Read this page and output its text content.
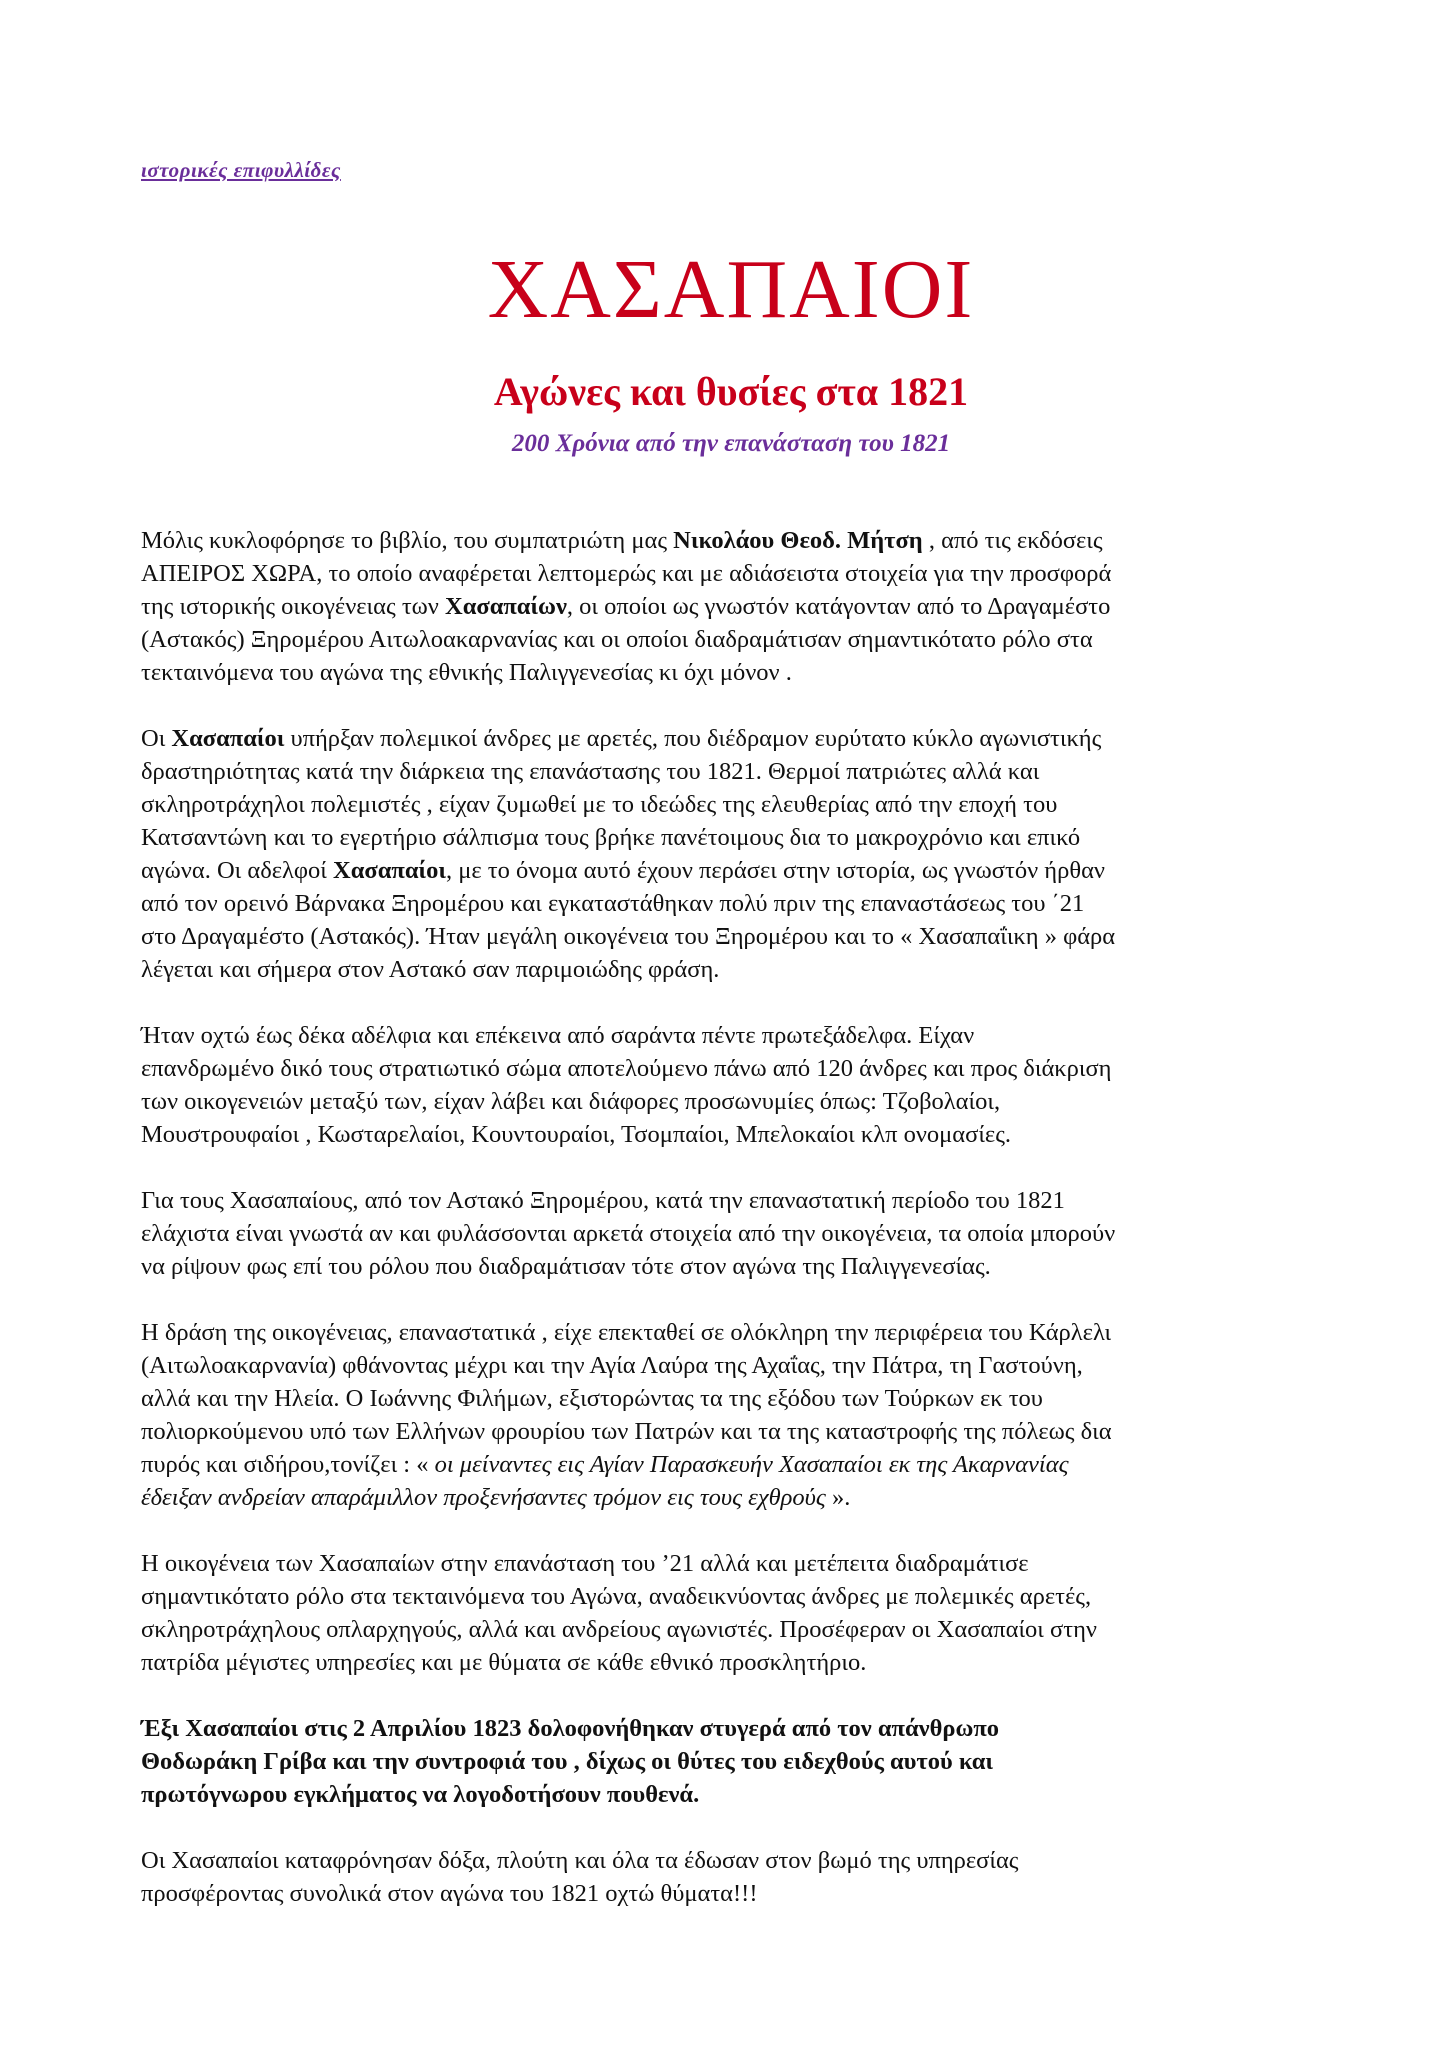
ιστορικές επιφυλλίδες
ΧΑΣΑΠΑΙΟΙ
Αγώνες και θυσίες στα 1821
200 Χρόνια από την επανάσταση του 1821

Μόλις κυκλοφόρησε το βιβλίο, του συμπατριώτη μας Νικολάου Θεοδ. Μήτση , από τις εκδόσεις
ΑΠΕΙΡΟΣ ΧΩΡΑ, το οποίο αναφέρεται λεπτομερώς και με αδιάσειστα στοιχεία για την προσφορά
της ιστορικής οικογένειας των Χασαπαίων, οι οποίοι ως γνωστόν κατάγονταν από το Δραγαμέστο
(Αστακός) Ξηρομέρου Αιτωλοακαρνανίας και οι οποίοι διαδραμάτισαν σημαντικότατο ρόλο στα
τεκταινόμενα του αγώνα της εθνικής Παλιγγενεσίας κι όχι μόνον .

Οι Χασαπαίοι υπήρξαν πολεμικοί άνδρες με αρετές, που διέδραμον ευρύτατο κύκλο αγωνιστικής
δραστηριότητας κατά την διάρκεια της επανάστασης του 1821. Θερμοί πατριώτες αλλά και
σκληροτράχηλοι πολεμιστές , είχαν ζυμωθεί με το ιδεώδες της ελευθερίας από την εποχή του
Κατσαντώνη και το εγερτήριο σάλπισμα τους βρήκε πανέτοιμους δια το μακροχρόνιο και επικό
αγώνα. Οι αδελφοί Χασαπαίοι, με το όνομα αυτό έχουν περάσει στην ιστορία, ως γνωστόν ήρθαν
από τον ορεινό Βάρνακα Ξηρομέρου και εγκαταστάθηκαν πολύ πριν της επαναστάσεως του ΄21
στο Δραγαμέστο (Αστακός). Ήταν μεγάλη οικογένεια του Ξηρομέρου και το « Χασαπαΐικη » φάρα
λέγεται και σήμερα στον Αστακό σαν παριμοιώδης φράση.

Ήταν οχτώ έως δέκα αδέλφια και επέκεινα από σαράντα πέντε πρωτεξάδελφα. Είχαν
επανδρωμένο δικό τους στρατιωτικό σώμα αποτελούμενο πάνω από 120 άνδρες και προς διάκριση
των οικογενειών μεταξύ των, είχαν λάβει και διάφορες προσωνυμίες όπως: Τζοβολαίοι,
Μουστρουφαίοι , Κωσταρελαίοι, Κουντουραίοι, Τσομπαίοι, Μπελοκαίοι κλπ ονομασίες.

Για τους Χασαπαίους, από τον Αστακό Ξηρομέρου, κατά την επαναστατική περίοδο του 1821
ελάχιστα είναι γνωστά αν και φυλάσσονται αρκετά στοιχεία από την οικογένεια, τα οποία μπορούν
να ρίψουν φως επί του ρόλου που διαδραμάτισαν τότε στον αγώνα της Παλιγγενεσίας.

Η δράση της οικογένειας, επαναστατικά , είχε επεκταθεί σε ολόκληρη την περιφέρεια του Κάρλελι
(Αιτωλοακαρνανία) φθάνοντας μέχρι και την Αγία Λαύρα της Αχαΐας, την Πάτρα, τη Γαστούνη,
αλλά και την Ηλεία. Ο Ιωάννης Φιλήμων, εξιστορώντας τα της εξόδου των Τούρκων εκ του
πολιορκούμενου υπό των Ελλήνων φρουρίου των Πατρών και τα της καταστροφής της πόλεως δια
πυρός και σιδήρου,τονίζει : « οι μείναντες εις Αγίαν Παρασκευήν Χασαπαίοι εκ της Ακαρνανίας
έδειξαν ανδρείαν απαράμιλλον προξενήσαντες τρόμον εις τους εχθρούς ».

Η οικογένεια των Χασαπαίων στην επανάσταση του ’21 αλλά και μετέπειτα διαδραμάτισε
σημαντικότατο ρόλο στα τεκταινόμενα του Αγώνα, αναδεικνύοντας άνδρες με πολεμικές αρετές,
σκληροτράχηλους οπλαρχηγούς, αλλά και ανδρείους αγωνιστές. Προσέφεραν οι Χασαπαίοι στην
πατρίδα μέγιστες υπηρεσίες και με θύματα σε κάθε εθνικό προσκλητήριο.

Έξι Χασαπαίοι στις 2 Απριλίου 1823 δολοφονήθηκαν στυγερά από τον απάνθρωπο
Θοδωράκη Γρίβα και την συντροφιά του , δίχως οι θύτες του ειδεχθούς αυτού και
πρωτόγνωρου εγκλήματος να λογοδοτήσουν πουθενά.

Οι Χασαπαίοι καταφρόνησαν δόξα, πλούτη και όλα τα έδωσαν στον βωμό της υπηρεσίας
προσφέροντας συνολικά στον αγώνα του 1821 οχτώ θύματα!!!
